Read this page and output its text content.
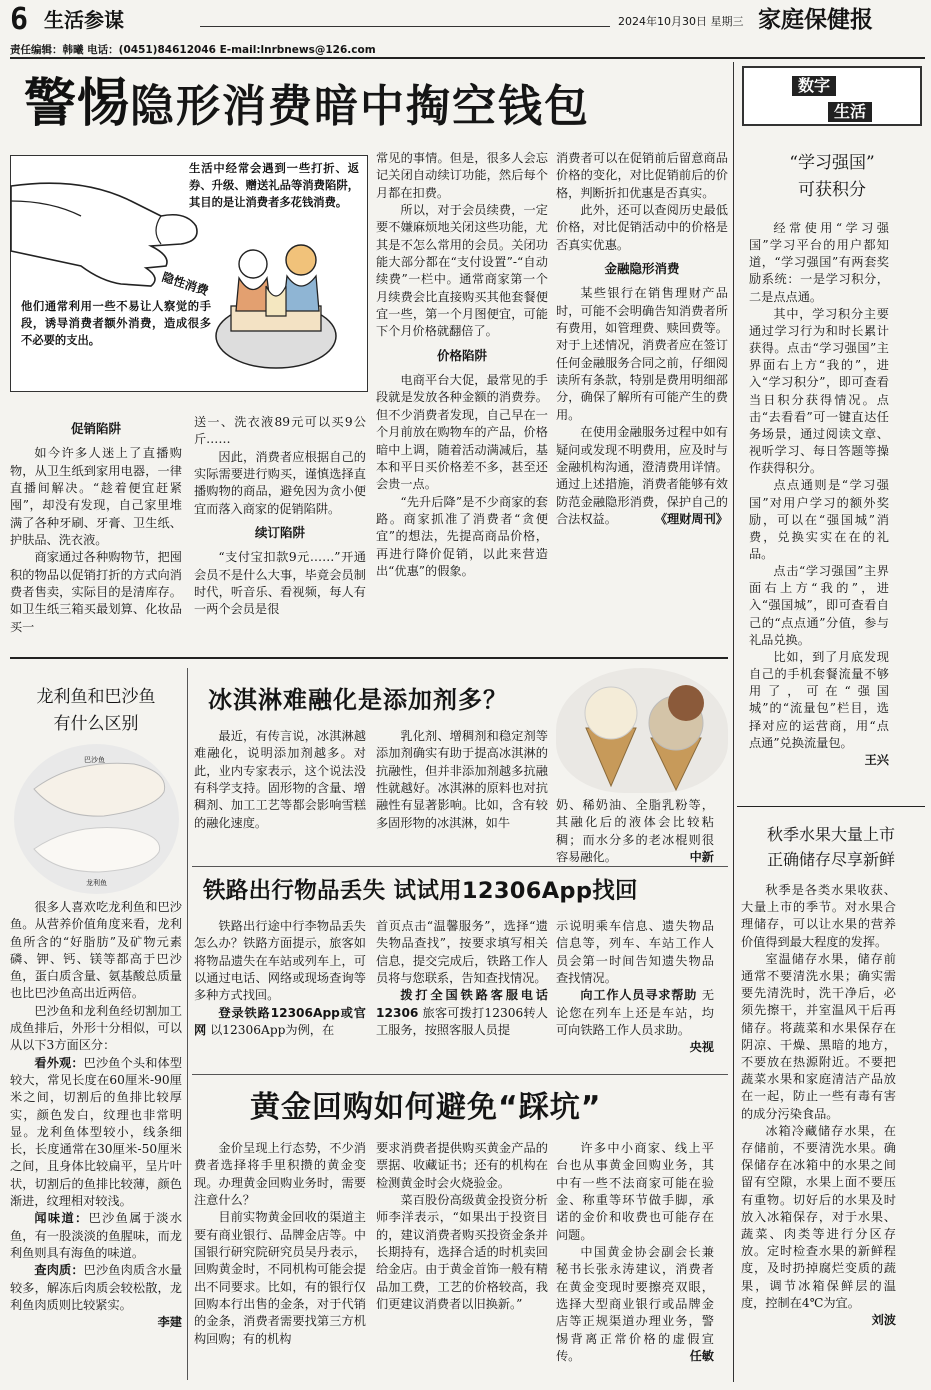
6 生活参谋	2024年10月30日 星期三 家庭保健报
责任编辑：韩曦 电话：(0451)84612046 E-mail:lnrbnews@126.com
警惕隐形消费暗中掏空钱包
生活中经常会遇到一些打折、返券、升级、赠送礼品等消费陷阱，其目的是让消费者多花钱消费。
隐性消费
他们通常利用一些不易让人察觉的手段，诱导消费者额外消费，造成很多不必要的支出。
促销陷阱

如今许多人迷上了直播购物，从卫生纸到家用电器，一律直播间解决。“趁着便宜赶紧囤”，却没有发现，自己家里堆满了各种牙刷、牙膏、卫生纸、护肤品、洗衣液。

商家通过各种购物节，把囤积的物品以促销打折的方式向消费者售卖，实际目的是清库存。如卫生纸三箱买最划算、化妆品买一

送一、洗衣液89元可以买9公斤……

因此，消费者应根据自己的实际需要进行购买，谨慎选择直播购物的商品，避免因为贪小便宜而落入商家的促销陷阱。

续订陷阱

“支付宝扣款9元……”开通会员不是什么大事，毕竟会员制时代，听音乐、看视频，每人有一两个会员是很

常见的事情。但是，很多人会忘记关闭自动续订功能，然后每个月都在扣费。

所以，对于会员续费，一定要不嫌麻烦地关闭这些功能，尤其是不怎么常用的会员。关闭功能大部分都在“支付设置”-“自动续费”一栏中。通常商家第一个月续费会比直接购买其他套餐便宜一些，第一个月图便宜，可能下个月价格就翻倍了。

价格陷阱

电商平台大促，最常见的手段就是发放各种金额的消费券。但不少消费者发现，自己早在一个月前放在购物车的产品，价格暗中上调，随着活动满减后，基本和平日买价格差不多，甚至还会贵一点。

“先升后降”是不少商家的套路。商家抓准了消费者“贪便宜”的想法，先提高商品价格，再进行降价促销，以此来营造出“优惠”的假象。

消费者可以在促销前后留意商品价格的变化，对比促销前后的价格，判断折扣优惠是否真实。

此外，还可以查阅历史最低价格，对比促销活动中的价格是否真实优惠。

金融隐形消费

某些银行在销售理财产品时，可能不会明确告知消费者所有费用，如管理费、赎回费等。对于上述情况，消费者应在签订任何金融服务合同之前，仔细阅读所有条款，特别是费用明细部分，确保了解所有可能产生的费用。

在使用金融服务过程中如有疑问或发现不明费用，应及时与金融机构沟通，澄清费用详情。通过上述措施，消费者能够有效防范金融隐形消费，保护自己的合法权益。	《理财周刊》

数字
生活
“学习强国”
可获积分

经常使用“学习强国”学习平台的用户都知道，“学习强国”有两套奖励系统：一是学习积分，二是点点通。

其中，学习积分主要通过学习行为和时长累计获得。点击“学习强国”主界面右上方“我的”，进入“学习积分”，即可查看当日积分获得情况。点击“去看看”可一键直达任务场景，通过阅读文章、视听学习、每日答题等操作获得积分。

点点通则是“学习强国”对用户学习的额外奖励，可以在“强国城”消费，兑换实实在在的礼品。

点击“学习强国”主界面右上方“我的”，进入“强国城”，即可查看自己的“点点通”分值，参与礼品兑换。

比如，到了月底发现自己的手机套餐流量不够用了，可在“强国城”的“流量包”栏目，选择对应的运营商，用“点点通”兑换流量包。
王兴

秋季水果大量上市
正确储存尽享新鲜

秋季是各类水果收获、大量上市的季节。对水果合理储存，可以让水果的营养价值得到最大程度的发挥。

室温储存水果，储存前通常不要清洗水果；确实需要先清洗时，洗干净后，必须先擦干，并室温风干后再储存。将蔬菜和水果保存在阴凉、干燥、黑暗的地方，不要放在热源附近。不要把蔬菜水果和家庭清洁产品放在一起，防止一些有毒有害的成分污染食品。

冰箱冷藏储存水果，在存储前，不要清洗水果。确保储存在冰箱中的水果之间留有空隙，水果上面不要压有重物。切好后的水果及时放入冰箱保存，对于水果、蔬菜、肉类等进行分区存放。定时检查水果的新鲜程度，及时扔掉腐烂变质的蔬果，调节冰箱保鲜层的温度，控制在4℃为宜。
刘波

龙利鱼和巴沙鱼
有什么区别
巴沙鱼
龙利鱼

很多人喜欢吃龙利鱼和巴沙鱼。从营养价值角度来看，龙利鱼所含的“好脂肪”及矿物元素磷、钾、钙、镁等都高于巴沙鱼，蛋白质含量、氨基酸总质量也比巴沙鱼高出近两倍。

巴沙鱼和龙利鱼经切割加工成鱼排后，外形十分相似，可以从以下3方面区分：

看外观：巴沙鱼个头和体型较大，常见长度在60厘米-90厘米之间，切割后的鱼排比较厚实，颜色发白，纹理也非常明显。龙利鱼体型较小，线条细长，长度通常在30厘米-50厘米之间，且身体比较扁平，呈片叶状，切割后的鱼排比较薄，颜色渐进，纹理相对较浅。

闻味道：巴沙鱼属于淡水鱼，有一股淡淡的鱼腥味，而龙利鱼则具有海鱼的味道。

查肉质：巴沙鱼肉质含水量较多，解冻后肉质会较松散，龙利鱼肉质则比较紧实。
李建

冰淇淋难融化是添加剂多？

最近，有传言说，冰淇淋越难融化，说明添加剂越多。对此，业内专家表示，这个说法没有科学支持。固形物的含量、增稠剂、加工工艺等都会影响雪糕的融化速度。

乳化剂、增稠剂和稳定剂等添加剂确实有助于提高冰淇淋的抗融性，但并非添加剂越多抗融性就越好。冰淇淋的原料也对抗融性有显著影响。比如，含有较多固形物的冰淇淋，如牛

奶、稀奶油、全脂乳粉等，其融化后的液体会比较粘稠；而水分多的老冰棍则很容易融化。	中新

铁路出行物品丢失 试试用12306App找回

铁路出行途中行李物品丢失怎么办？铁路方面提示，旅客如将物品遗失在车站或列车上，可以通过电话、网络或现场查询等多种方式找回。

登录铁路12306App或官网 以12306App为例，在

首页点击“温馨服务”，选择“遗失物品查找”，按要求填写相关信息，提交完成后，铁路工作人员将与您联系，告知查找情况。

拨打全国铁路客服电话12306 旅客可拨打12306转人工服务，按照客服人员提

示说明乘车信息、遗失物品信息等，列车、车站工作人员会第一时间告知遗失物品查找情况。

向工作人员寻求帮助 无论您在列车上还是车站，均可向铁路工作人员求助。
央视

黄金回购如何避免“踩坑”

金价呈现上行态势，不少消费者选择将手里积攒的黄金变现。办理黄金回购业务时，需要注意什么？

目前实物黄金回收的渠道主要有商业银行、品牌金店等。中国银行研究院研究员吴丹表示，回购黄金时，不同机构可能会提出不同要求。比如，有的银行仅回购本行出售的金条，对于代销的金条，消费者需要找第三方机构回购；有的机构

要求消费者提供购买黄金产品的票据、收藏证书；还有的机构在检测黄金时会火烧验金。

菜百股份高级黄金投资分析师李洋表示，“如果出于投资目的，建议消费者购买投资金条并长期持有，选择合适的时机卖回给金店。由于黄金首饰一般有精品加工费，工艺的价格较高，我们更建议消费者以旧换新。”

许多中小商家、线上平台也从事黄金回购业务，其中有一些不法商家可能在验金、称重等环节做手脚，承诺的金价和收费也可能存在问题。

中国黄金协会副会长兼秘书长张永涛建议，消费者在黄金变现时要擦亮双眼，选择大型商业银行或品牌金店等正规渠道办理业务，警惕背离正常价格的虚假宣传。	任敏
